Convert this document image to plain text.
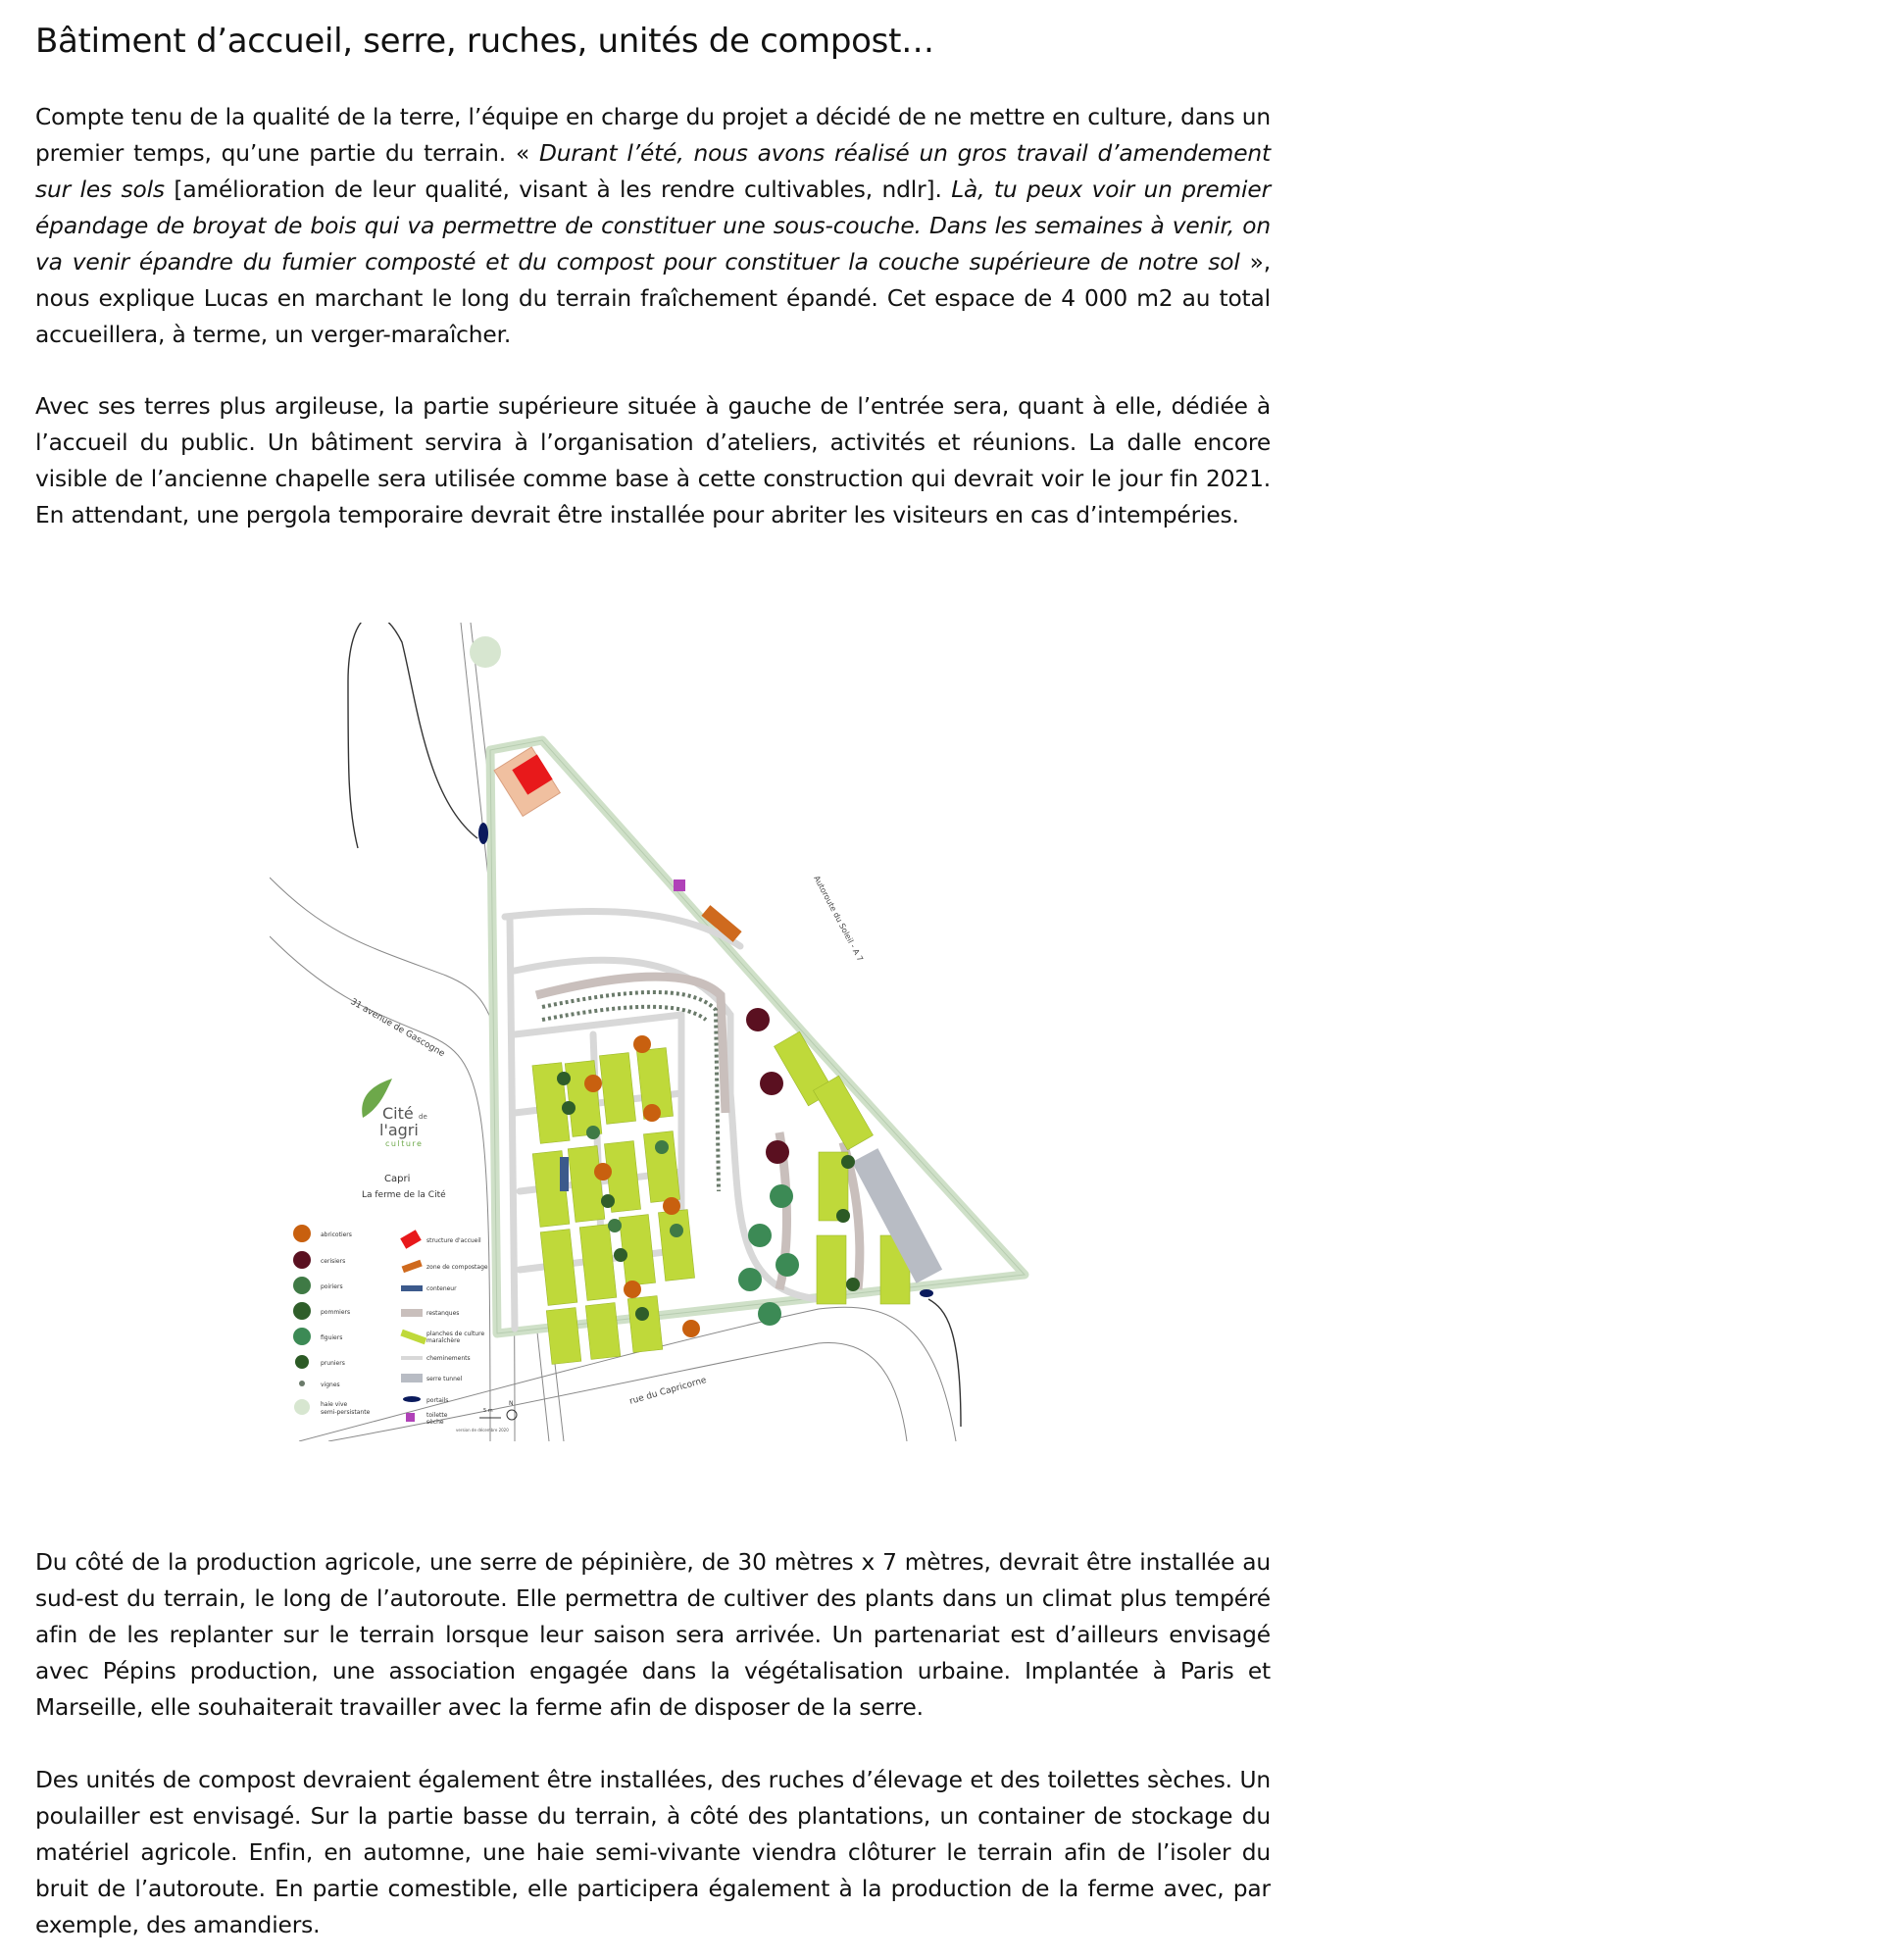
Bâtiment d’accueil, serre, ruches, unités de compost…

Compte tenu de la qualité de la terre, l’équipe en charge du projet a décidé de ne mettre en culture, dans un premier temps, qu’une partie du terrain. « Durant l’été, nous avons réalisé un gros travail d’amendement sur les sols [amélioration de leur qualité, visant à les rendre cultivables, ndlr]. Là, tu peux voir un premier épandage de broyat de bois qui va permettre de constituer une sous-couche. Dans les semaines à venir, on va venir épandre du fumier composté et du compost pour constituer la couche supérieure de notre sol », nous explique Lucas en marchant le long du terrain fraîchement épandé. Cet espace de 4 000 m2 au total accueillera, à terme, un verger-maraîcher.

Avec ses terres plus argileuse, la partie supérieure située à gauche de l’entrée sera, quant à elle, dédiée à l’accueil du public. Un bâtiment servira à l’organisation d’ateliers, activités et réunions. La dalle encore visible de l’ancienne chapelle sera utilisée comme base à cette construction qui devrait voir le jour fin 2021. En attendant, une pergola temporaire devrait être installée pour abriter les visiteurs en cas d’intempéries.

Du côté de la production agricole, une serre de pépinière, de 30 mètres x 7 mètres, devrait être installée au sud-est du terrain, le long de l’autoroute. Elle permettra de cultiver des plants dans un climat plus tempéré afin de les replanter sur le terrain lorsque leur saison sera arrivée. Un partenariat est d’ailleurs envisagé avec Pépins production, une association engagée dans la végétalisation urbaine. Implantée à Paris et Marseille, elle souhaiterait travailler avec la ferme afin de disposer de la serre.

Des unités de compost devraient également être installées, des ruches d’élevage et des toilettes sèches. Un poulailler est envisagé. Sur la partie basse du terrain, à côté des plantations, un container de stockage du matériel agricole. Enfin, en automne, une haie semi-vivante viendra clôturer le terrain afin de l’isoler du bruit de l’autoroute. En partie comestible, elle participera également à la production de la ferme avec, par exemple, des amandiers.

Autoroute du Soleil - A 7
31 avenue de Gascogne
rue du Capricorne
Cité de
l'agri
culture
Capri
La ferme de la Cité
abricotiers
cerisiers
poiriers
pommiers
figuiers
pruniers
vignes
haie vive
semi-persistante
structure d'accueil
zone de compostage
conteneur
restanques
planches de culture
maraîchère
cheminements
serre tunnel
portails
toilette
sèche
5 m
N
version de décembre 2020
